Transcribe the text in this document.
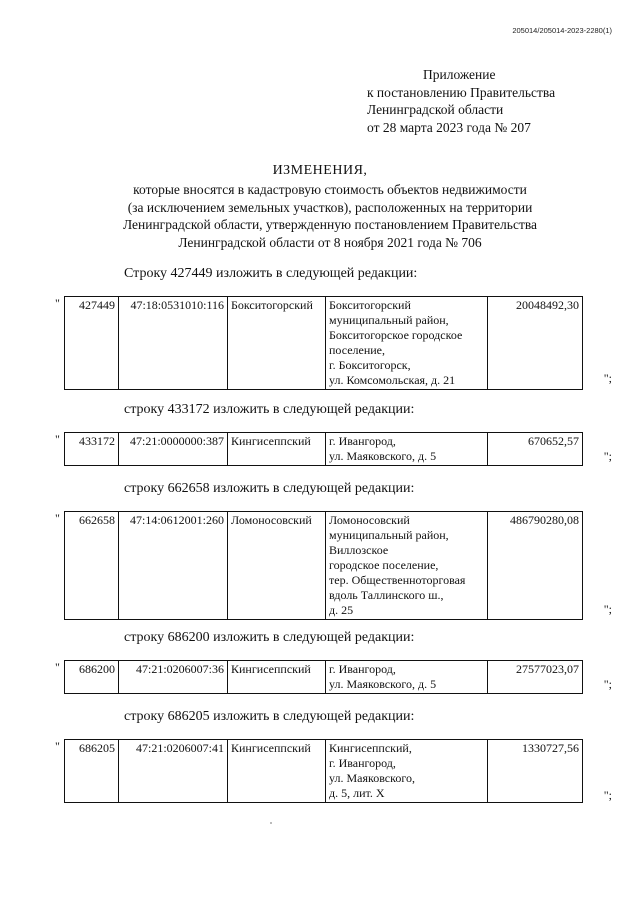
205014/205014-2023-2280(1)
Приложение
к постановлению Правительства
Ленинградской области
от 28 марта 2023 года № 207
ИЗМЕНЕНИЯ,
которые вносятся в кадастровую стоимость объектов недвижимости
(за исключением земельных участков), расположенных на территории
Ленинградской области, утвержденную постановлением Правительства
Ленинградской области от 8 ноября 2021 года № 706
Строку 427449 изложить в следующей редакции:
" 427449	47:18:0531010:116	Бокситогорский	Бокситогорский
муниципальный район,
Бокситогорское городское
поселение,
г. Бокситогорск,
ул. Комсомольская, д. 21
	20048492,30
";
строку 433172 изложить в следующей редакции:
" 433172	47:21:0000000:387	Кингисеппский	г. Ивангород,
ул. Маяковского, д. 5
	670652,57
";
строку 662658 изложить в следующей редакции:
" 662658	47:14:0612001:260	Ломоносовский	Ломоносовский
муниципальный район,
Виллозское
городское поселение,
тер. Общественноторговая
вдоль Таллинского ш.,
д. 25
	486790280,08
";
строку 686200 изложить в следующей редакции:
" 686200	47:21:0206007:36	Кингисеппский	г. Ивангород,
ул. Маяковского, д. 5
	27577023,07
";
строку 686205 изложить в следующей редакции:
" 686205	47:21:0206007:41	Кингисеппский	Кингисеппский,
г. Ивангород,
ул. Маяковского,
д. 5, лит. Х
	1330727,56
";
